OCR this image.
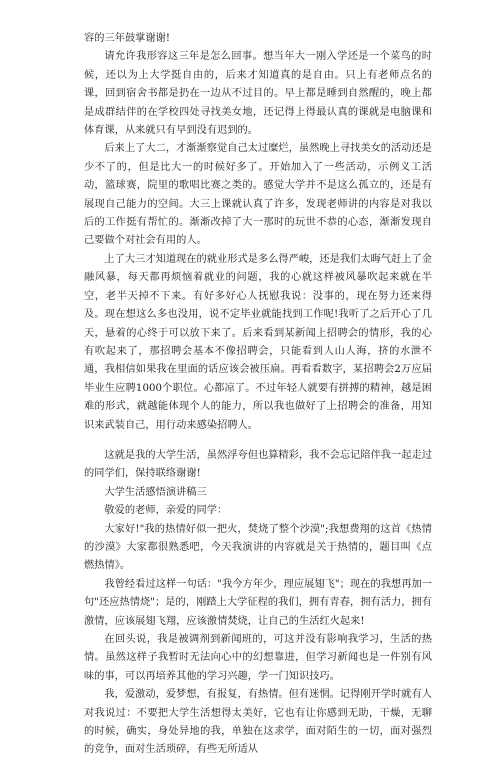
容的三年鼓掌谢谢!

请允许我形容这三年是怎么回事。想当年大一刚入学还是一个菜鸟的时候，还以为上大学挺自由的，后来才知道真的是自由。只上有老师点名的课，回到宿舍书都是扔在一边从不过目的。早上都是睡到自然醒的，晚上都是成群结伴的在学校四处寻找美女地，还记得上得最认真的课就是电脑课和体育课，从来就只有早到没有迟到的。

后来上了大二，才渐渐察觉自己太过糜烂，虽然晚上寻找美女的活动还是少不了的，但是比大一的时候好多了。开始加入了一些活动，示例义工活动，篮球赛，院里的歌唱比赛之类的。感觉大学并不是这么孤立的，还是有展现自己能力的空间。大三上课就认真了许多，发现老师讲的内容是对我以后的工作挺有帮忙的。渐渐改掉了大一那时的玩世不恭的心态，渐渐发现自己要做个对社会有用的人。

上了大三才知道现在的就业形式是多么得严峻，还是我们太晦气赶上了金融风暴，每天都再烦恼着就业的问题，我的心就这样被风暴吹起来就在半空，老半天掉不下来。有好多好心人抚慰我说：没事的，现在努力还来得及。现在想这么多也没用，说不定毕业就能找到工作呢!我听了之后开心了几天，悬着的心终于可以放下来了。后来看到某新闻上招聘会的情形，我的心有吹起来了，那招聘会基本不像招聘会，只能看到人山人海，挤的水泄不通，我相信如果我在里面的话应该会被压扁。再看看数字，某招聘会2万应届毕业生应聘1000个职位。心都凉了。不过年轻人就要有拼搏的精神，越是困难的形式，就越能体现个人的能力，所以我也做好了上招聘会的准备，用知识来武装自己，用行动来感染招聘人。

这就是我的大学生活，虽然浮夸但也算精彩，我不会忘记陪伴我一起走过的同学们，保持联络谢谢!

大学生活感悟演讲稿三

敬爱的老师，亲爱的同学：

大家好!"我的热情好似一把火，焚烧了整个沙漠";我想费翔的这首《热情的沙漠》大家都很熟悉吧，今天我演讲的内容就是关于热情的，题目叫《点燃热情》。

我曾经看过这样一句话："我今方年少，理应展翅飞"；现在的我想再加一句"还应热情烧"；是的，刚踏上大学征程的我们，拥有青春，拥有活力，拥有激情，应该展翅飞翔，应该激情焚烧，让自己的生活红火起来!

在回头说，我是被调剂到新闻班的，可这并没有影响我学习，生活的热情。虽然这样子我暂时无法向心中的幻想靠进，但学习新闻也是一件别有风味的事，可以再培养其他的学习兴趣，学一门知识技巧。

我，爱激动，爱梦想，有报复，有热情。但有迷惘。记得刚开学时就有人对我说过：不要把大学生活想得太美好，它也有让你感到无助，干燥，无聊的时候，确实，身处异地的我，单独在这求学，面对陌生的一切，面对强烈的竞争，面对生活琐碎，有些无所适从
